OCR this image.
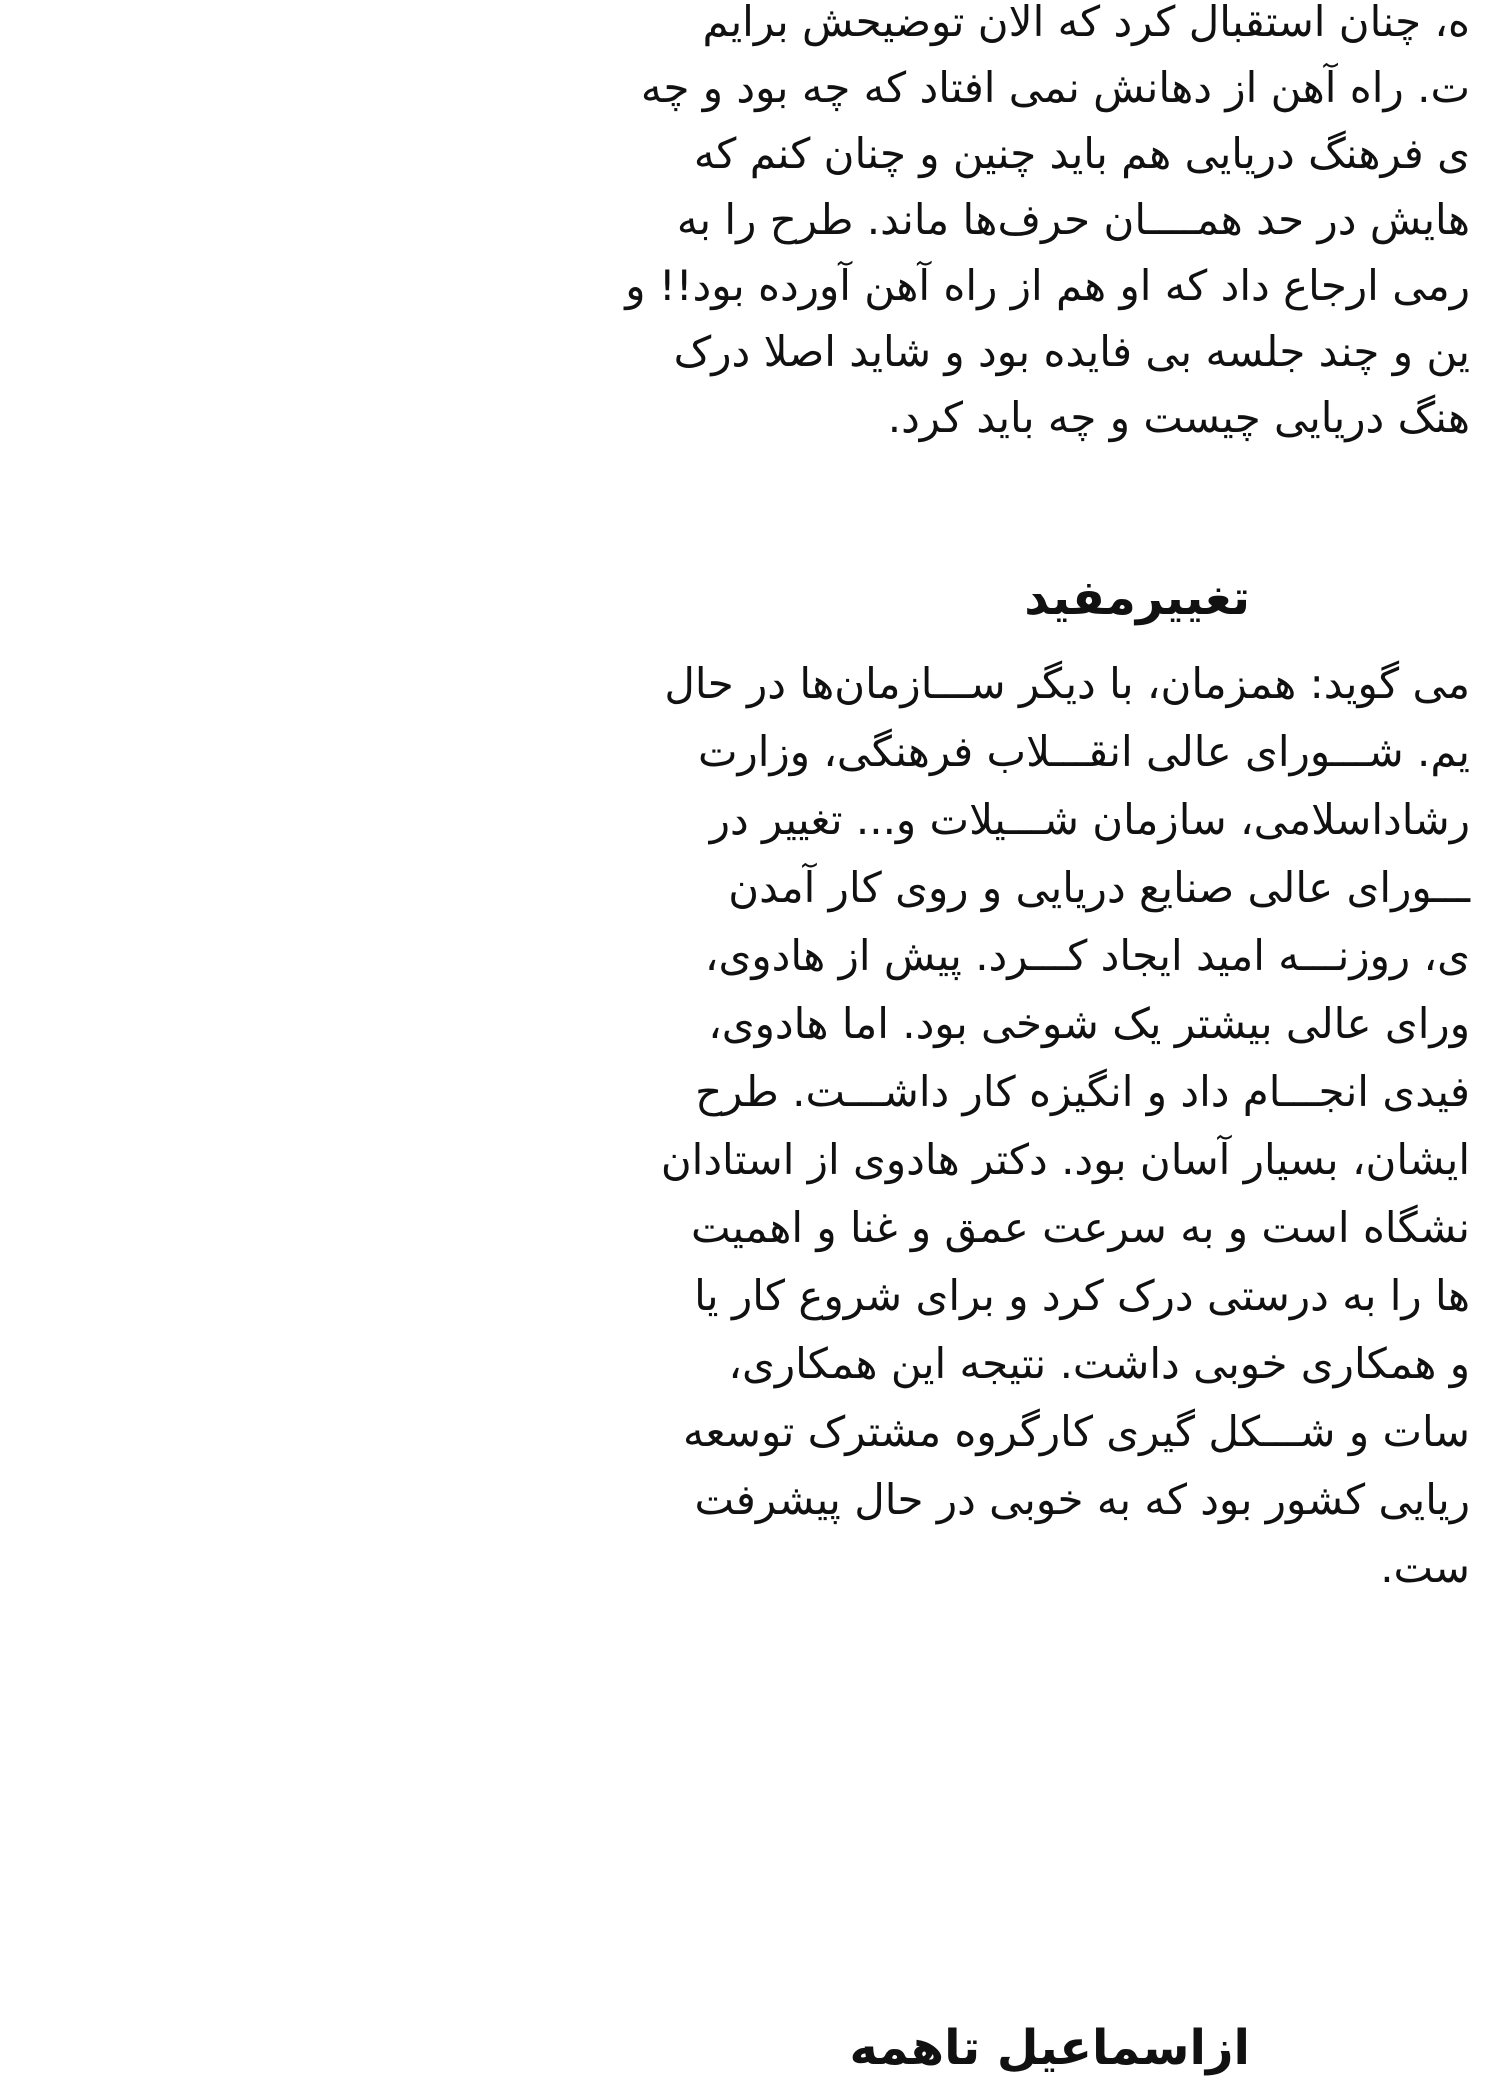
ه، چنان استقبال کرد که الان توضیحش برایم
ت. راه آهن از دهانش نمی افتاد که چه بود و چه
ی فرهنگ دریایی هم باید چنین و چنان کنم که
هایش در حد همــــان حرف‌ها ماند. طرح را به
رمی ارجاع داد که او هم از راه آهن آورده بود!! و
ین و چند جلسه بی فایده بود و شاید اصلا درک
هنگ دریایی چیست و چه باید کرد.
تغییرمفید
می گوید: همزمان، با دیگر ســـازمان‌ها در حال
یم. شـــورای عالی انقـــلاب فرهنگی، وزارت
رشاداسلامی، سازمان شـــیلات و... تغییر در
ـــورای عالی صنایع دریایی و روی کار آمدن
ی، روزنـــه امید ایجاد کـــرد. پیش از هادوی،
ورای عالی بیشتر یک شوخی بود. اما هادوی،
فیدی انجـــام داد و انگیزه کار داشـــت. طرح
ایشان، بسیار آسان بود. دکتر هادوی از استادان
نشگاه است و به سرعت عمق و غنا و اهمیت
ها را به درستی درک کرد و برای شروع کار یا
و همکاری خوبی داشت. نتیجه این همکاری،
سات و شـــکل گیری کارگروه مشترک توسعه
ریایی کشور بود که به خوبی در حال پیشرفت
ست.
ازاسماعیل تاهمه
